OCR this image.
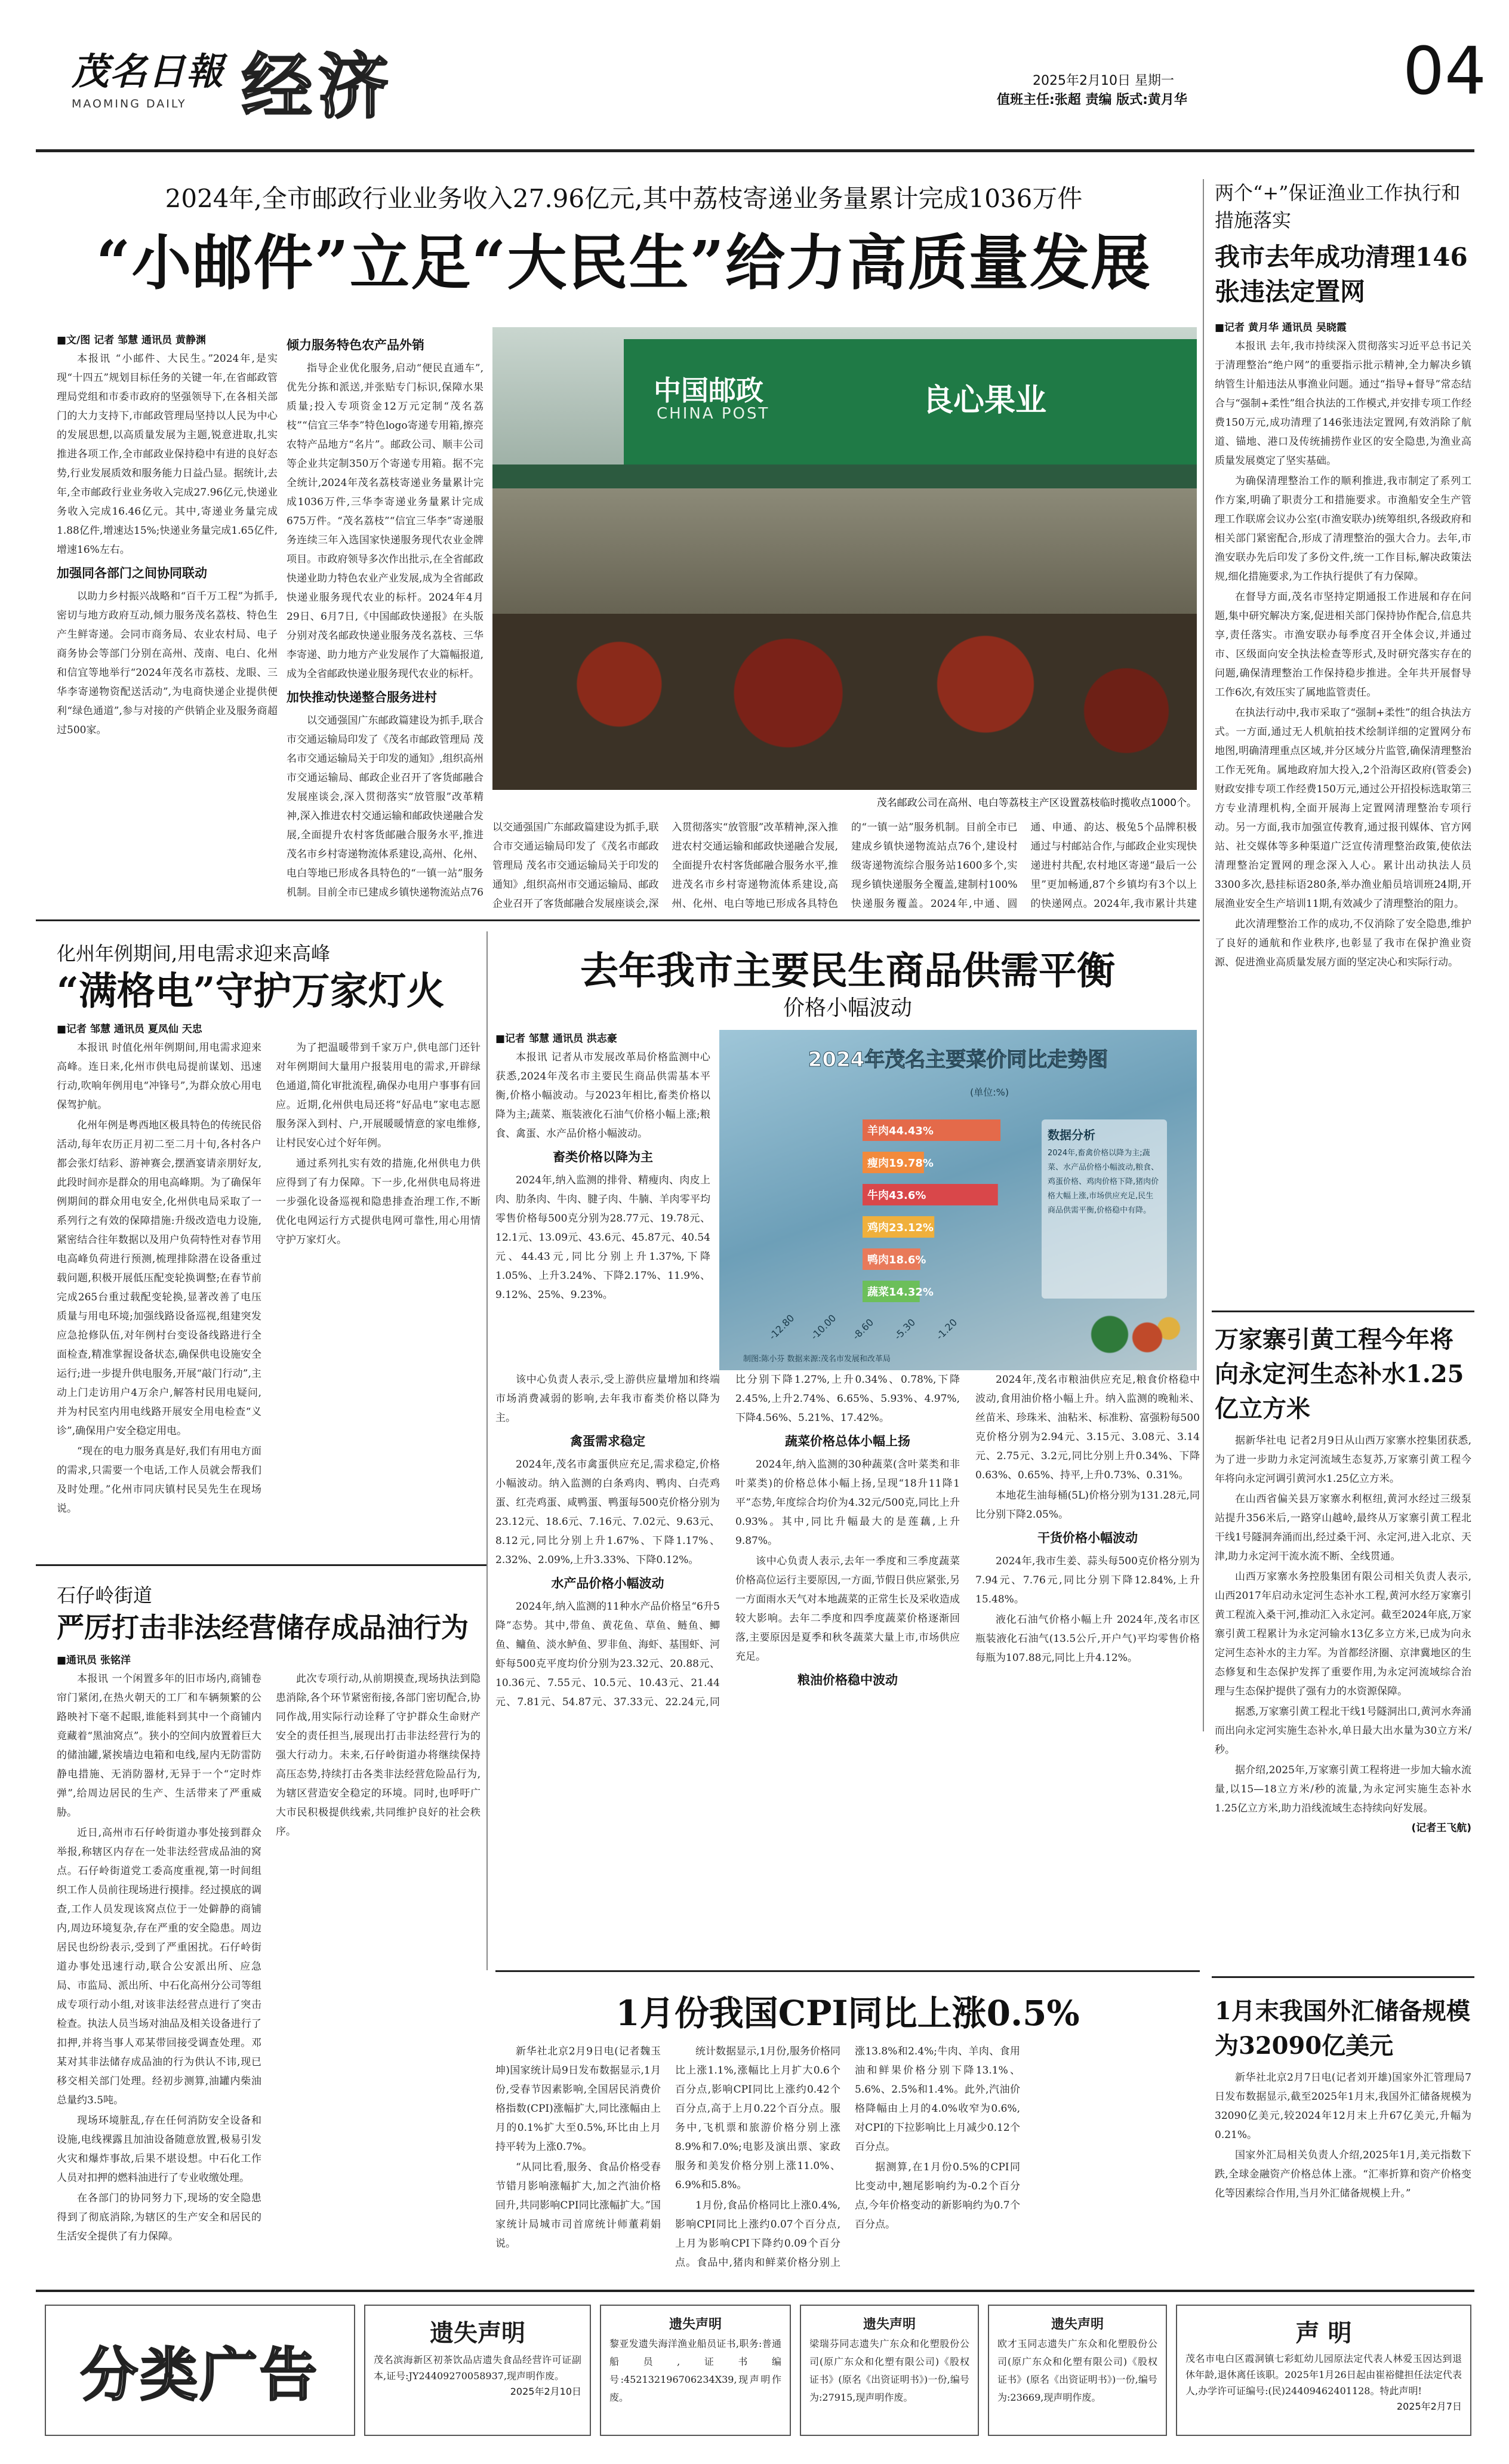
茂名日報
MAOMING DAILY 经济	2025年2月10日 星期一
值班主任:张超 责编 版式:黄月华	04
2024年,全市邮政行业业务收入27.96亿元,其中荔枝寄递业务量累计完成1036万件
“小邮件”立足“大民生”给力高质量发展
■文/图 记者 邹慧 通讯员 黄静渊

本报讯 “小邮件、大民生。”2024年,是实现“十四五”规划目标任务的关键一年,在省邮政管理局党组和市委市政府的坚强领导下,在各相关部门的大力支持下,市邮政管理局坚持以人民为中心的发展思想,以高质量发展为主题,锐意进取,扎实推进各项工作,全市邮政业保持稳中有进的良好态势,行业发展质效和服务能力日益凸显。据统计,去年,全市邮政行业业务收入完成27.96亿元,快递业务收入完成16.46亿元。其中,寄递业务量完成1.88亿件,增速达15%;快递业务量完成1.65亿件,增速16%左右。

加强同各部门之间协同联动

以助力乡村振兴战略和“百千万工程”为抓手,密切与地方政府互动,倾力服务茂名荔枝、特色生产生鲜寄递。会同市商务局、农业农村局、电子商务协会等部门分别在高州、茂南、电白、化州和信宜等地举行“2024年茂名市荔枝、龙眼、三华李寄递物资配送活动”,为电商快递企业提供便利“绿色通道”,参与对接的产供销企业及服务商超过500家。

倾力服务特色农产品外销

指导企业优化服务,启动“便民直通车”,优先分拣和派送,并张贴专门标识,保障水果质量;投入专项资金12万元定制“茂名荔枝”“信宜三华李”特色logo寄递专用箱,擦亮农特产品地方“名片”。邮政公司、顺丰公司等企业共定制350万个寄递专用箱。据不完全统计,2024年茂名荔枝寄递业务量累计完成1036万件,三华李寄递业务量累计完成675万件。“茂名荔枝”“信宜三华李”寄递服务连续三年入选国家快递服务现代农业金牌项目。市政府领导多次作出批示,在全省邮政快递业助力特色农业产业发展,成为全省邮政快递业服务现代农业的标杆。2024年4月29日、6月7日,《中国邮政快递报》在头版分别对茂名邮政快递业服务茂名荔枝、三华李寄递、助力地方产业发展作了大篇幅报道,成为全省邮政快递业服务现代农业的标杆。

加快推动快递整合服务进村

以交通强国广东邮政篇建设为抓手,联合市交通运输局印发了《茂名市邮政管理局 茂名市交通运输局关于印发的通知》,组织高州市交通运输局、邮政企业召开了客货邮融合发展座谈会,深入贯彻落实“放管服”改革精神,深入推进农村交通运输和邮政快递融合发展,全面提升农村客货邮融合服务水平,推进茂名市乡村寄递物流体系建设,高州、化州、电白等地已形成各具特色的“一镇一站”服务机制。目前全市已建成乡镇快递物流站点76

中国邮政
CHINA POST	良心果业
茂名邮政公司在高州、电白等荔枝主产区设置荔枝临时揽收点1000个。

以交通强国广东邮政篇建设为抓手,联合市交通运输局印发了《茂名市邮政管理局 茂名市交通运输局关于印发的通知》,组织高州市交通运输局、邮政企业召开了客货邮融合发展座谈会,深入贯彻落实“放管服”改革精神,深入推进农村交通运输和邮政快递融合发展,全面提升农村客货邮融合服务水平,推进茂名市乡村寄递物流体系建设,高州、化州、电白等地已形成各具特色的“一镇一站”服务机制。目前全市已建成乡镇快递物流站点76个,建设村级寄递物流综合服务站1600多个,实现乡镇快递服务全覆盖,建制村100%快递服务覆盖。2024年,中通、圆通、申通、韵达、极兔5个品牌积极通过与村邮站合作,与邮政企业实现快递进村共配,农村地区寄递“最后一公里”更加畅通,87个乡镇均有3个以上的快递网点。2024年,我市累计共建

两个“+”保证渔业工作执行和措施落实
我市去年成功清理146张违法定置网
■记者 黄月华 通讯员 吴晓霞

本报讯 去年,我市持续深入贯彻落实习近平总书记关于清理整治“绝户网”的重要指示批示精神,全力解决乡镇纳管生计船违法从事渔业问题。通过“指导+督导”常态结合与“强制+柔性”组合执法的工作模式,并安排专项工作经费150万元,成功清理了146张违法定置网,有效消除了航道、锚地、港口及传统捕捞作业区的安全隐患,为渔业高质量发展奠定了坚实基础。

为确保清理整治工作的顺利推进,我市制定了系列工作方案,明确了职责分工和措施要求。市渔船安全生产管理工作联席会议办公室(市渔安联办)统筹组织,各级政府和相关部门紧密配合,形成了清理整治的强大合力。去年,市渔安联办先后印发了多份文件,统一工作目标,解决政策法规,细化措施要求,为工作执行提供了有力保障。

在督导方面,茂名市坚持定期通报工作进展和存在问题,集中研究解决方案,促进相关部门保持协作配合,信息共享,责任落实。市渔安联办每季度召开全体会议,并通过市、区级面向安全执法检查等形式,及时研究落实存在的问题,确保清理整治工作保持稳步推进。全年共开展督导工作6次,有效压实了属地监管责任。

在执法行动中,我市采取了“强制+柔性”的组合执法方式。一方面,通过无人机航拍技术绘制详细的定置网分布地图,明确清理重点区域,并分区域分片监管,确保清理整治工作无死角。属地政府加大投入,2个沿海区政府(管委会)财政安排专项工作经费150万元,通过公开招投标选取第三方专业清理机构,全面开展海上定置网清理整治专项行动。另一方面,我市加强宣传教育,通过报刊媒体、官方网站、社交媒体等多种渠道广泛宣传清理整治政策,使依法清理整治定置网的理念深入人心。累计出动执法人员3300多次,悬挂标语280条,举办渔业船员培训班24期,开展渔业安全生产培训11期,有效减少了清理整治的阻力。

此次清理整治工作的成功,不仅消除了安全隐患,维护了良好的通航和作业秩序,也彰显了我市在保护渔业资源、促进渔业高质量发展方面的坚定决心和实际行动。

化州年例期间,用电需求迎来高峰
“满格电”守护万家灯火
■记者 邹慧 通讯员 夏凤仙 天忠

本报讯 时值化州年例期间,用电需求迎来高峰。连日来,化州市供电局提前谋划、迅速行动,吹响年例用电“冲锋号”,为群众放心用电保驾护航。

化州年例是粤西地区极具特色的传统民俗活动,每年农历正月初二至二月十旬,各村各户都会张灯结彩、游神赛会,摆酒宴请亲朋好友,此段时间亦是群众的用电高峰期。为了确保年例期间的群众用电安全,化州供电局采取了一系列行之有效的保障措施:升级改造电力设施,紧密结合往年数据以及用户负荷特性对春节用电高峰负荷进行预测,梳理排除潜在设备重过载问题,积极开展低压配变轮换调整;在春节前完成265台重过载配变轮换,显著改善了电压质量与用电环境;加强线路设备巡视,组建突发应急抢修队伍,对年例村台变设备线路进行全面检查,精准掌握设备状态,确保供电设施安全运行;进一步提升供电服务,开展“敲门行动”,主动上门走访用户4万余户,解答村民用电疑问,并为村民室内用电线路开展安全用电检查“义诊”,确保用户安全稳定用电。

“现在的电力服务真是好,我们有用电方面的需求,只需要一个电话,工作人员就会帮我们及时处理。”化州市同庆镇村民吴先生在现场说。

为了把温暖带到千家万户,供电部门还针对年例期间大量用户报装用电的需求,开辟绿色通道,简化审批流程,确保办电用户事事有回应。近期,化州供电局还将“好品电”家电志愿服务深入到村、户,开展暖暖情意的家电维修,让村民安心过个好年例。

通过系列扎实有效的措施,化州供电力供应得到了有力保障。下一步,化州供电局将进一步强化设备巡视和隐患排查治理工作,不断优化电网运行方式提供电网可靠性,用心用情守护万家灯火。

石仔岭街道
严厉打击非法经营储存成品油行为
■通讯员 张铭洋

本报讯 一个闲置多年的旧市场内,商铺卷帘门紧闭,在热火朝天的工厂和车辆频繁的公路映衬下毫不起眼,谁能料到其中一个商铺内竟藏着“黑油窝点”。狭小的空间内放置着巨大的储油罐,紧挨墙边电箱和电线,屋内无防雷防静电措施、无消防器材,无异于一个“定时炸弹”,给周边居民的生产、生活带来了严重威胁。

近日,高州市石仔岭街道办事处接到群众举报,称辖区内存在一处非法经营成品油的窝点。石仔岭街道党工委高度重视,第一时间组织工作人员前往现场进行摸排。经过摸底的调查,工作人员发现该窝点位于一处僻静的商铺内,周边环境复杂,存在严重的安全隐患。周边居民也纷纷表示,受到了严重困扰。石仔岭街道办事处迅速行动,联合公安派出所、应急局、市监局、派出所、中石化高州分公司等组成专项行动小组,对该非法经营点进行了突击检查。执法人员当场对油品及相关设备进行了扣押,并将当事人邓某带回接受调查处理。邓某对其非法储存成品油的行为供认不讳,现已移交相关部门处理。经初步测算,油罐内柴油总量约3.5吨。

现场环境脏乱,存在任何消防安全设备和设施,电线裸露且加油设备随意放置,极易引发火灾和爆炸事故,后果不堪设想。中石化工作人员对扣押的燃料油进行了专业收缴处理。

在各部门的协同努力下,现场的安全隐患得到了彻底消除,为辖区的生产安全和居民的生活安全提供了有力保障。

此次专项行动,从前期摸查,现场执法到隐患消除,各个环节紧密衔接,各部门密切配合,协同作战,用实际行动诠释了守护群众生命财产安全的责任担当,展现出打击非法经营行为的强大行动力。未来,石仔岭街道办将继续保持高压态势,持续打击各类非法经营危险品行为,为辖区营造安全稳定的环境。同时,也呼吁广大市民积极提供线索,共同维护良好的社会秩序。

去年我市主要民生商品供需平衡
价格小幅波动
■记者 邹慧 通讯员 洪志豪

本报讯 记者从市发展改革局价格监测中心获悉,2024年茂名市主要民生商品供需基本平衡,价格小幅波动。与2023年相比,畜类价格以降为主;蔬菜、瓶装液化石油气价格小幅上涨;粮食、禽蛋、水产品价格小幅波动。

畜类价格以降为主

2024年,纳入监测的排骨、精瘦肉、肉皮上肉、肋条肉、牛肉、腱子肉、牛腩、羊肉零平均零售价格每500克分别为28.77元、19.78元、12.1元、13.09元、43.6元、45.87元、40.54元、44.43元,同比分别上升1.37%,下降1.05%、上升3.24%、下降2.17%、11.9%、9.12%、25%、9.23%。

2024年茂名主要菜价同比走势图
(单位:%)
羊肉44.43%
瘦肉19.78%
牛肉43.6%
鸡肉23.12%
鸭肉18.6%
蔬菜14.32%
-12.80 -10.00 -8.60 -5.30 -1.20
数据分析
2024年,畜禽价格以降为主;蔬菜、水产品价格小幅波动,粮食、鸡蛋价格、鸡肉价格下降,猪肉价格大幅上涨,市场供应充足,民生商品供需平衡,价格稳中有降。
制图:陈小芬 数据来源:茂名市发展和改革局

该中心负责人表示,受上游供应量增加和终端市场消费减弱的影响,去年我市畜类价格以降为主。

禽蛋需求稳定

2024年,茂名市禽蛋供应充足,需求稳定,价格小幅波动。纳入监测的白条鸡肉、鸭肉、白壳鸡蛋、红壳鸡蛋、咸鸭蛋、鸭蛋每500克价格分别为23.12元、18.6元、7.16元、7.02元、9.63元、8.12元,同比分别上升1.67%、下降1.17%、2.32%、2.09%,上升3.33%、下降0.12%。

水产品价格小幅波动

2024年,纳入监测的11种水产品价格呈“6升5降”态势。其中,带鱼、黄花鱼、草鱼、鲢鱼、鲫鱼、鳙鱼、淡水鲈鱼、罗非鱼、海虾、基围虾、河虾每500克平度均价分别为23.32元、20.88元、10.36元、7.55元、10.5元、10.43元、21.44元、7.81元、54.87元、37.33元、22.24元,同比分别下降1.27%,上升0.34%、0.78%,下降2.45%,上升2.74%、6.65%、5.93%、4.97%,下降4.56%、5.21%、17.42%。

蔬菜价格总体小幅上扬

2024年,纳入监测的30种蔬菜(含叶菜类和非叶菜类)的价格总体小幅上扬,呈现“18升11降1平”态势,年度综合均价为4.32元/500克,同比上升0.93%。其中,同比升幅最大的是莲藕,上升9.87%。

该中心负责人表示,去年一季度和三季度蔬菜价格高位运行主要原因,一方面,节假日供应紧张,另一方面雨水天气对本地蔬菜的正常生长及采收造成较大影响。去年二季度和四季度蔬菜价格逐渐回落,主要原因是夏季和秋冬蔬菜大量上市,市场供应充足。

粮油价格稳中波动

2024年,茂名市粮油供应充足,粮食价格稳中波动,食用油价格小幅上升。纳入监测的晚籼米、丝苗米、珍珠米、油粘米、标准粉、富强粉每500克价格分别为2.94元、3.15元、3.08元、3.14元、2.75元、3.2元,同比分别上升0.34%、下降0.63%、0.65%、持平,上升0.73%、0.31%。

本地花生油每桶(5L)价格分别为131.28元,同比分别下降2.05%。

干货价格小幅波动

2024年,我市生姜、蒜头每500克价格分别为7.94元、7.76元,同比分别下降12.84%,上升15.48%。

液化石油气价格小幅上升 2024年,茂名市区瓶装液化石油气(13.5公斤,开户气)平均零售价格每瓶为107.88元,同比上升4.12%。

万家寨引黄工程今年将向永定河生态补水1.25亿立方米

据新华社电 记者2月9日从山西万家寨水控集团获悉,为了进一步助力永定河流域生态复苏,万家寨引黄工程今年将向永定河调引黄河水1.25亿立方米。

在山西省偏关县万家寨水利枢纽,黄河水经过三级泵站提升356米后,一路穿山越岭,最终从万家寨引黄工程北干线1号隧洞奔涌而出,经过桑干河、永定河,进入北京、天津,助力永定河干流水流不断、全线贯通。

山西万家寨水务控股集团有限公司相关负责人表示,山西2017年启动永定河生态补水工程,黄河水经万家寨引黄工程流入桑干河,推动汇入永定河。截至2024年底,万家寨引黄工程累计为永定河输水13亿多立方米,已成为向永定河生态补水的主力军。为首都经济圈、京津冀地区的生态修复和生态保护发挥了重要作用,为永定河流域综合治理与生态保护提供了强有力的水资源保障。

据悉,万家寨引黄工程北干线1号隧洞出口,黄河水奔涌而出向永定河实施生态补水,单日最大出水量为30立方米/秒。

据介绍,2025年,万家寨引黄工程将进一步加大输水流量,以15—18立方米/秒的流量,为永定河实施生态补水1.25亿立方米,助力沿线流域生态持续向好发展。

(记者王飞航)
1月末我国外汇储备规模为32090亿美元

新华社北京2月7日电(记者刘开雄)国家外汇管理局7日发布数据显示,截至2025年1月末,我国外汇储备规模为32090亿美元,较2024年12月末上升67亿美元,升幅为0.21%。

国家外汇局相关负责人介绍,2025年1月,美元指数下跌,全球金融资产价格总体上涨。“汇率折算和资产价格变化等因素综合作用,当月外汇储备规模上升。”

1月份我国CPI同比上涨0.5%

新华社北京2月9日电(记者魏玉坤)国家统计局9日发布数据显示,1月份,受春节因素影响,全国居民消费价格指数(CPI)涨幅扩大,同比涨幅由上月的0.1%扩大至0.5%,环比由上月持平转为上涨0.7%。

“从同比看,服务、食品价格受春节错月影响涨幅扩大,加之汽油价格回升,共同影响CPI同比涨幅扩大。”国家统计局城市司首席统计师董莉娟说。

统计数据显示,1月份,服务价格同比上涨1.1%,涨幅比上月扩大0.6个百分点,影响CPI同比上涨约0.42个百分点,高于上月0.22个百分点。服务中,飞机票和旅游价格分别上涨8.9%和7.0%;电影及演出票、家政服务和美发价格分别上涨11.0%、6.9%和5.8%。

1月份,食品价格同比上涨0.4%,影响CPI同比上涨约0.07个百分点,上月为影响CPI下降约0.09个百分点。食品中,猪肉和鲜菜价格分别上涨13.8%和2.4%;牛肉、羊肉、食用油和鲜果价格分别下降13.1%、5.6%、2.5%和1.4%。此外,汽油价格降幅由上月的4.0%收窄为0.6%,对CPI的下拉影响比上月减少0.12个百分点。

据测算,在1月份0.5%的CPI同比变动中,翘尾影响约为-0.2个百分点,今年价格变动的新影响约为0.7个百分点。

分类广告
遗失声明
茂名滨海新区初茶饮品店遗失食品经营许可证副本,证号:JY24409270058937,现声明作废。
2025年2月10日
遗失声明
黎亚发遗失海洋渔业船员证书,职务:普通船员,证书编号:452132196706234X39,现声明作废。
遗失声明
梁瑞芬同志遗失广东众和化塑股份公司(原广东众和化塑有限公司)《股权证书》(原名《出资证明书》)一份,编号为:27915,现声明作废。
遗失声明
欧才玉同志遗失广东众和化塑股份公司(原广东众和化塑有限公司)《股权证书》(原名《出资证明书》)一份,编号为:23669,现声明作废。
声 明
茂名市电白区霞洞镇七彩虹幼儿园原法定代表人林爱玉因达到退休年龄,退休离任该职。2025年1月26日起由崔裕健担任法定代表人,办学许可证编号:(民)24409462401128。特此声明!
2025年2月7日
